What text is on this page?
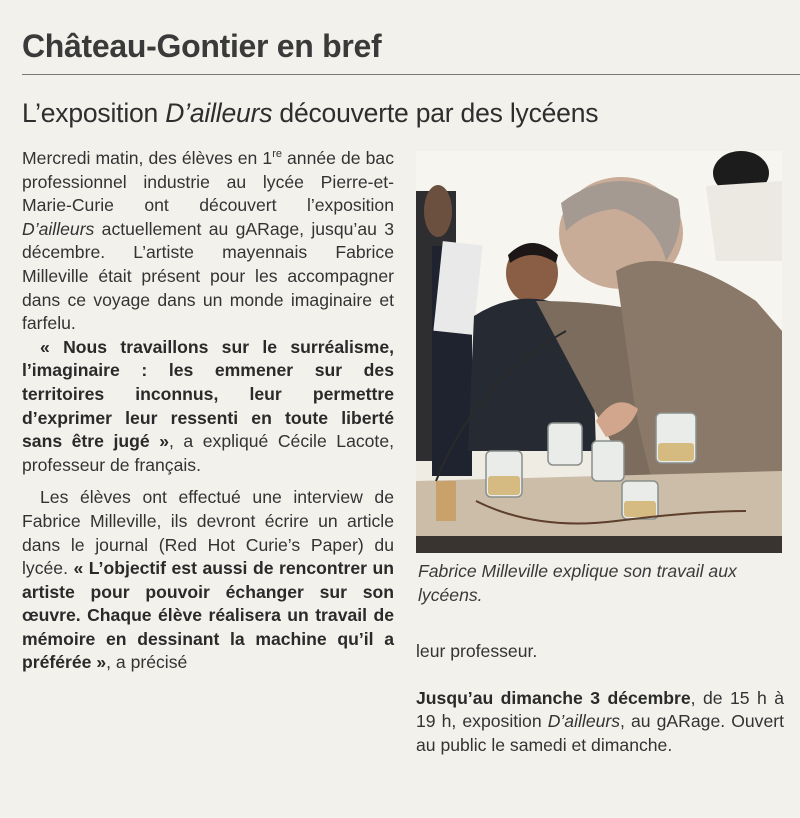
Château-Gontier en bref
L’exposition D’ailleurs découverte par des lycéens

Mercredi matin, des élèves en 1re année de bac professionnel industrie au lycée Pierre-et-Marie-Curie ont découvert l’exposition D’ailleurs actuellement au gARage, jusqu’au 3 décembre. L’artiste mayennais Fabrice Milleville était présent pour les accompagner dans ce voyage dans un monde imaginaire et farfelu.

« Nous travaillons sur le surréalisme, l’imaginaire : les emmener sur des territoires inconnus, leur permettre d’exprimer leur ressenti en toute liberté sans être jugé », a expliqué Cécile Lacote, professeur de français.

Les élèves ont effectué une interview de Fabrice Milleville, ils devront écrire un article dans le journal (Red Hot Curie’s Paper) du lycée. « L’objectif est aussi de rencontrer un artiste pour pouvoir échanger sur son œuvre. Chaque élève réalisera un travail de mémoire en dessinant la machine qu’il a préférée », a précisé

Fabrice Milleville explique son travail aux lycéens.

leur professeur.

Jusqu’au dimanche 3 décembre, de 15 h à 19 h, exposition D’ailleurs, au gARage. Ouvert au public le samedi et dimanche.
